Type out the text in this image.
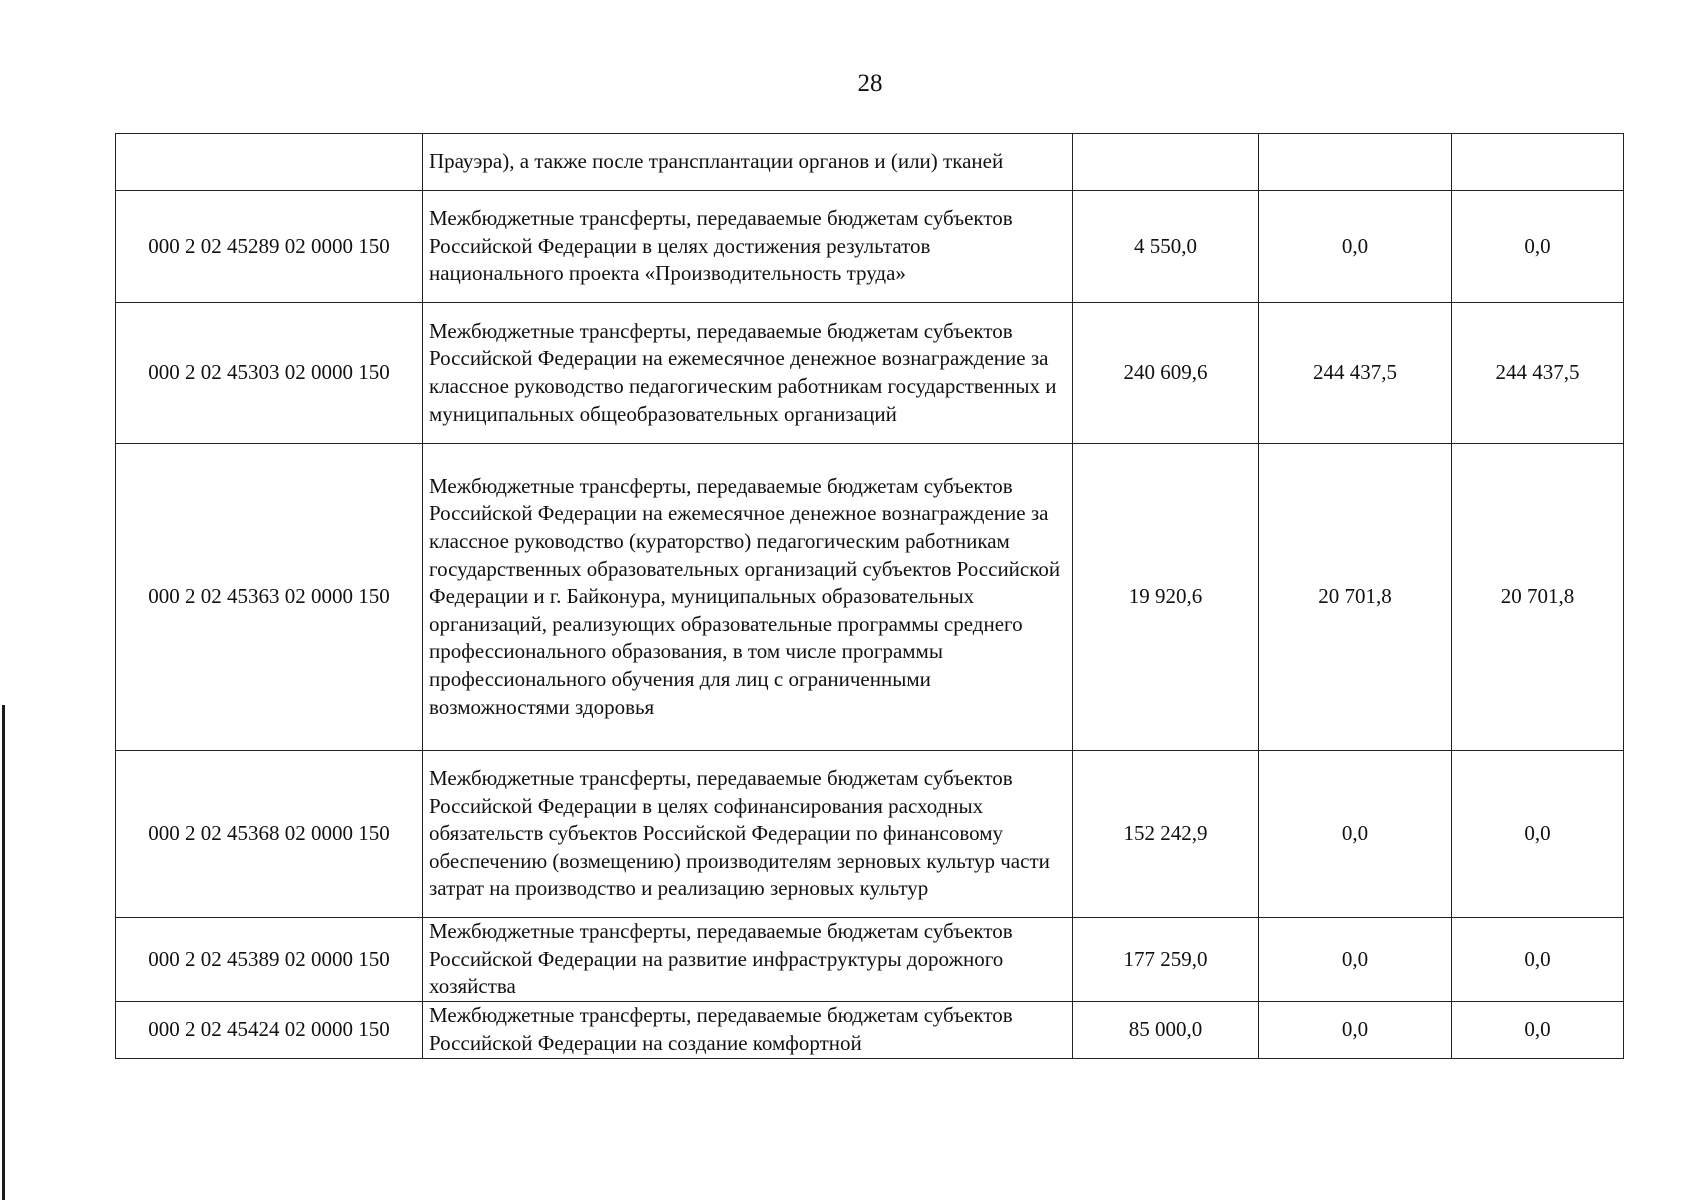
28
	Прауэра), а также после трансплантации органов и (или) тканей			
000 2 02 45289 02 0000 150	Межбюджетные трансферты, передаваемые бюджетам субъектов Российской Федерации в целях достижения результатов национального проекта «Производительность труда»	4 550,0	0,0	0,0
000 2 02 45303 02 0000 150	Межбюджетные трансферты, передаваемые бюджетам субъектов Российской Федерации на ежемесячное денежное вознаграждение за классное руководство педагогическим работникам государственных и муниципальных общеобразовательных организаций	240 609,6	244 437,5	244 437,5
000 2 02 45363 02 0000 150	Межбюджетные трансферты, передаваемые бюджетам субъектов Российской Федерации на ежемесячное денежное вознаграждение за классное руководство (кураторство) педагогическим работникам государственных образовательных организаций субъектов Российской Федерации и г. Байконура, муниципальных образовательных организаций, реализующих образовательные программы среднего профессионального образования, в том числе программы профессионального обучения для лиц с ограниченными возможностями здоровья	19 920,6	20 701,8	20 701,8
000 2 02 45368 02 0000 150	Межбюджетные трансферты, передаваемые бюджетам субъектов Российской Федерации в целях софинансирования расходных обязательств субъектов Российской Федерации по финансовому обеспечению (возмещению) производителям зерновых культур части затрат на производство и реализацию зерновых культур	152 242,9	0,0	0,0
000 2 02 45389 02 0000 150	Межбюджетные трансферты, передаваемые бюджетам субъектов Российской Федерации на развитие инфраструктуры дорожного хозяйства	177 259,0	0,0	0,0
000 2 02 45424 02 0000 150	Межбюджетные трансферты, передаваемые бюджетам субъектов Российской Федерации на создание комфортной	85 000,0	0,0	0,0
